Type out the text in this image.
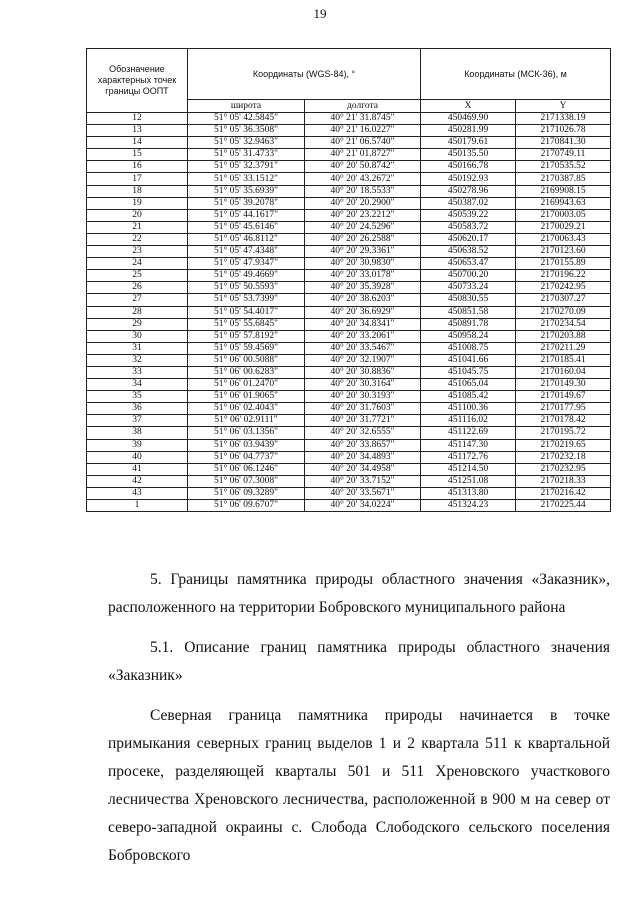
19
Обозначение характерных точек границы ООПТ	Координаты (WGS-84), °		Координаты (МСК-36), м	
	широта	долгота	X	Y
12	51° 05' 42.5845"	40° 21' 31.8745"	450469.90	2171338.19
13	51° 05' 36.3508"	40° 21' 16.0227"	450281.99	2171026.78
14	51° 05' 32.9463"	40° 21' 06.5740"	450179.61	2170841.30
15	51° 05' 31.4733"	40° 21' 01.8727"	450135.50	2170749.11
16	51° 05' 32.3791"	40° 20' 50.8742"	450166.78	2170535.52
17	51° 05' 33.1512"	40° 20' 43.2672"	450192.93	2170387.85
18	51° 05' 35.6939"	40° 20' 18.5533"	450278.96	2169908.15
19	51° 05' 39.2078"	40° 20' 20.2900"	450387.02	2169943.63
20	51° 05' 44.1617"	40° 20' 23.2212"	450539.22	2170003.05
21	51° 05' 45.6146"	40° 20' 24.5296"	450583.72	2170029.21
22	51° 05' 46.8112"	40° 20' 26.2588"	450620.17	2170063.43
23	51° 05' 47.4348"	40° 20' 29.3361"	450638.52	2170123.60
24	51° 05' 47.9347"	40° 20' 30.9830"	450653.47	2170155.89
25	51° 05' 49.4669"	40° 20' 33.0178"	450700.20	2170196.22
26	51° 05' 50.5593"	40° 20' 35.3928"	450733.24	2170242.95
27	51° 05' 53.7399"	40° 20' 38.6203"	450830.55	2170307.27
28	51° 05' 54.4017"	40° 20' 36.6929"	450851.58	2170270.09
29	51° 05' 55.6845"	40° 20' 34.8341"	450891.78	2170234.54
30	51° 05' 57.8192"	40° 20' 33.2061"	450958.24	2170203.88
31	51° 05' 59.4569"	40° 20' 33.5467"	451008.75	2170211.29
32	51° 06' 00.5088"	40° 20' 32.1907"	451041.66	2170185.41
33	51° 06' 00.6283"	40° 20' 30.8836"	451045.75	2170160.04
34	51° 06' 01.2470"	40° 20' 30.3164"	451065.04	2170149.30
35	51° 06' 01.9065"	40° 20' 30.3193"	451085.42	2170149.67
36	51° 06' 02.4043"	40° 20' 31.7603"	451100.36	2170177.95
37	51° 06' 02.9111"	40° 20' 31.7721"	451116.02	2170178.42
38	51° 06' 03.1356"	40° 20' 32.6555"	451122.69	2170195.72
39	51° 06' 03.9439"	40° 20' 33.8657"	451147.30	2170219.65
40	51° 06' 04.7737"	40° 20' 34.4893"	451172.76	2170232.18
41	51° 06' 06.1246"	40° 20' 34.4958"	451214.50	2170232.95
42	51° 06' 07.3008"	40° 20' 33.7152"	451251.08	2170218.33
43	51° 06' 09.3289"	40° 20' 33.5671"	451313.80	2170216.42
1	51° 06' 09.6707"	40° 20' 34.0224"	451324.23	2170225.44

5. Границы памятника природы областного значения «Заказник», расположенного на территории Бобровского муниципального района

5.1. Описание границ памятника природы областного значения «Заказник»

Северная граница памятника природы начинается в точке примыкания северных границ выделов 1 и 2 квартала 511 к квартальной просеке, разделяющей кварталы 501 и 511 Хреновского участкового лесничества Хреновского лесничества, расположенной в 900 м на север от северо-западной окраины с. Слобода Слободского сельского поселения Бобровского
